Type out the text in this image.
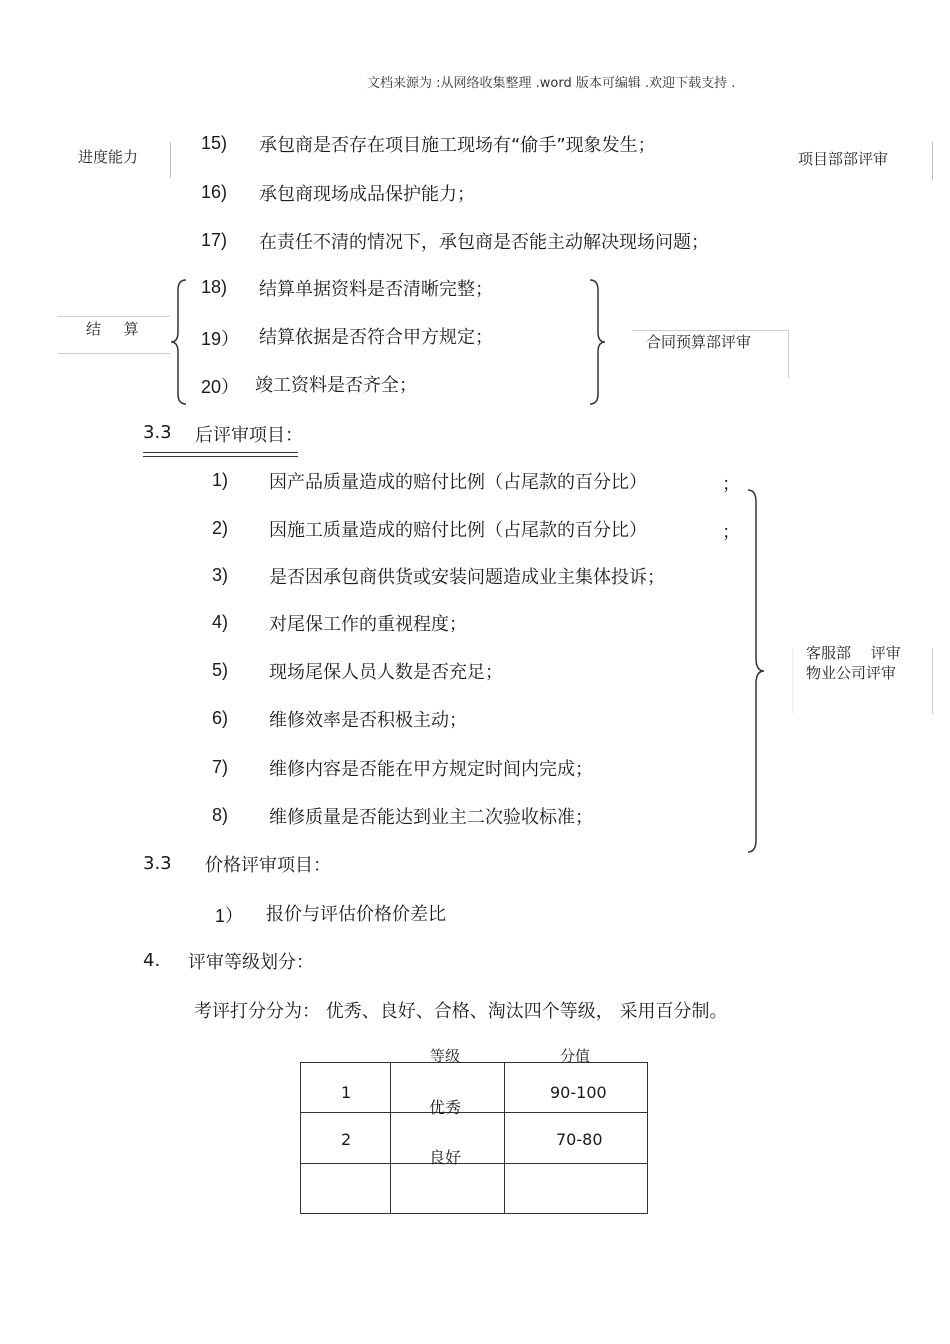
文档来源为 :从网络收集整理 .word 版本可编辑 .欢迎下载支持 .
进度能力	项目部部评审
15) 承包商是否存在项目施工现场有“偷手”现象发生；
16) 承包商现场成品保护能力；
17) 在责任不清的情况下，承包商是否能主动解决现场问题；
结 算
18) 结算单据资料是否清晰完整；
19） 结算依据是否符合甲方规定；
20） 竣工资料是否齐全；
合同预算部评审
3.3 后评审项目：
1) 因产品质量造成的赔付比例（占尾款的百分比）	；
2) 因施工质量造成的赔付比例（占尾款的百分比）	；
3) 是否因承包商供货或安装问题造成业主集体投诉；
4) 对尾保工作的重视程度；
5) 现场尾保人员人数是否充足；
6) 维修效率是否积极主动；
7) 维修内容是否能在甲方规定时间内完成；
8) 维修质量是否能达到业主二次验收标准；
客服部　 评审
物业公司评审
3.3 价格评审项目：
1） 报价与评估价格价差比
4. 评审等级划分：
考评打分分为： 优秀、良好、合格、淘汰四个等级， 采用百分制。
等级	分值
1	优秀	90-100

2	良好	70-80
